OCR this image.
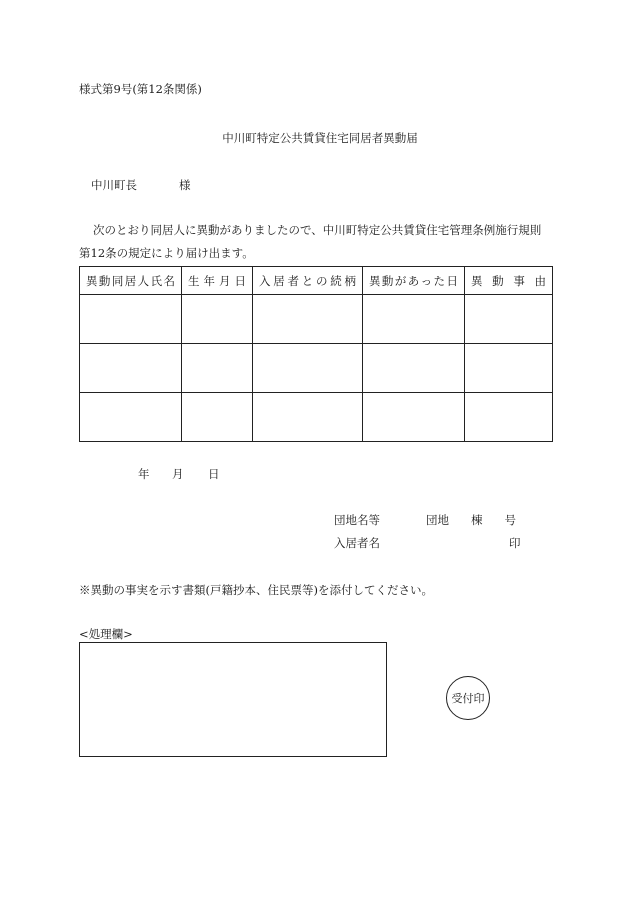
様式第9号(第12条関係)
中川町特定公共賃貸住宅同居者異動届
中川町長	様
次のとおり同居人に異動がありましたので、中川町特定公共賃貸住宅管理条例施行規則
第12条の規定により届け出ます。
異動同居人氏名	生年月日	入居者との続柄	異動があった日	異動事由

年 月 日
団地名等	団地 棟 号
入居者名	印
※異動の事実を示す書類(戸籍抄本、住民票等)を添付してください。
<処理欄>
受付印
